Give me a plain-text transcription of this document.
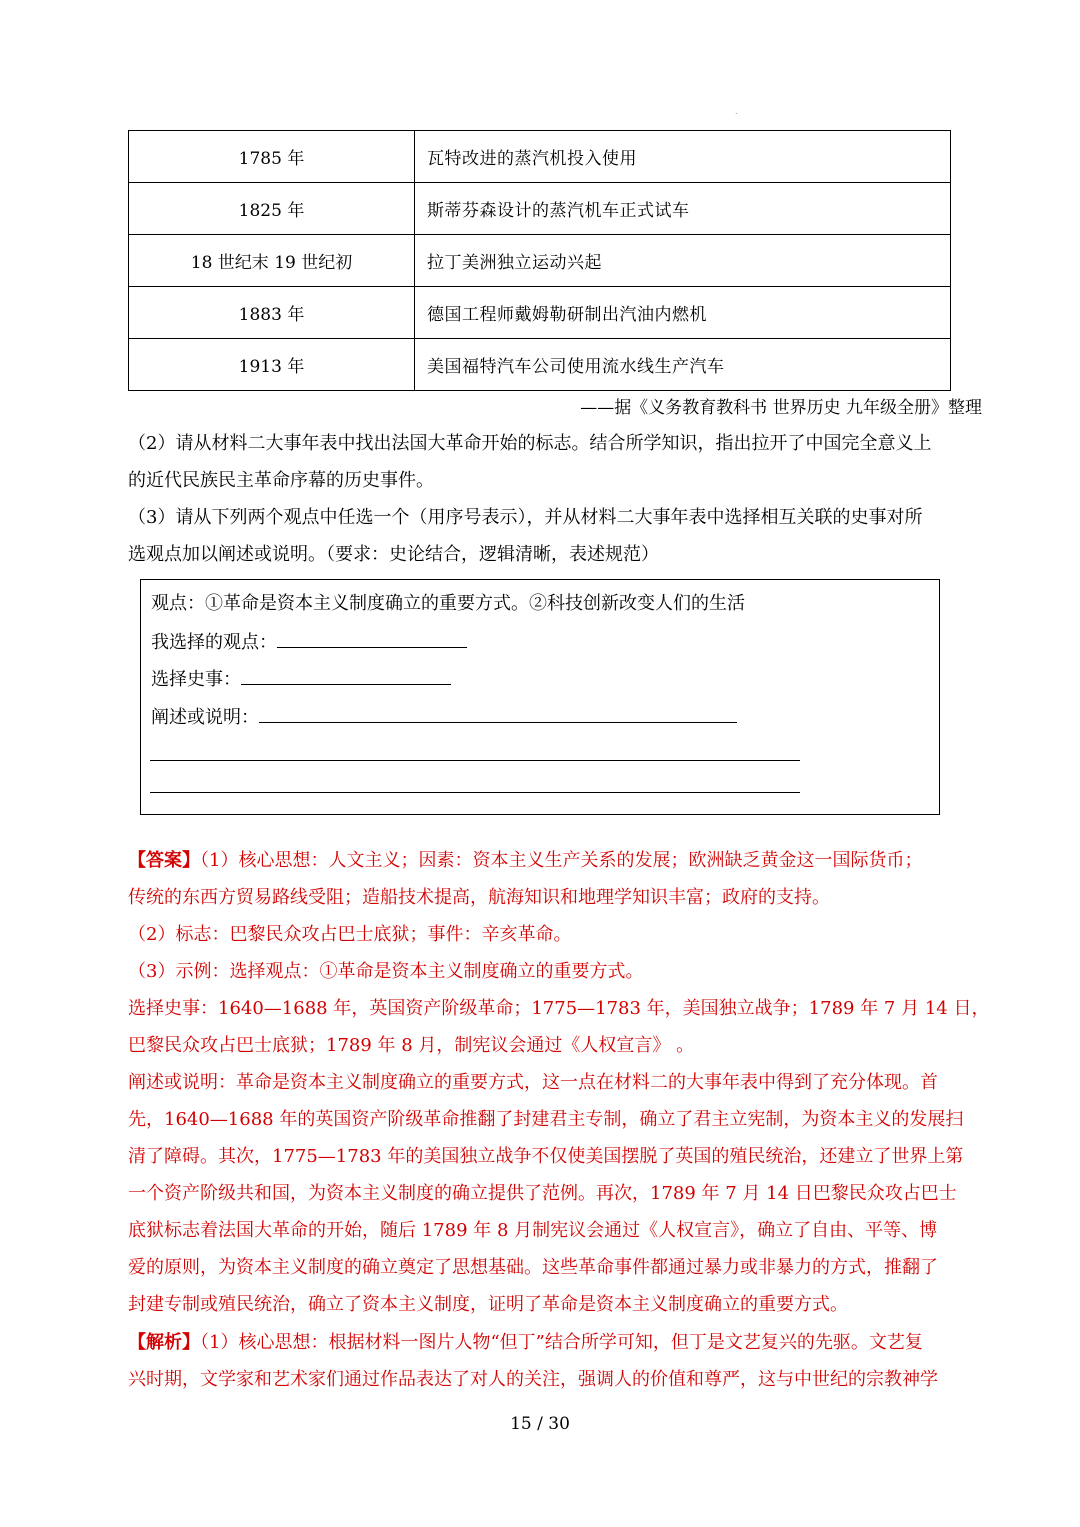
.
1785 年	瓦特改进的蒸汽机投入使用
1825 年	斯蒂芬森设计的蒸汽机车正式试车
18 世纪末 19 世纪初	拉丁美洲独立运动兴起
1883 年	德国工程师戴姆勒研制出汽油内燃机
1913 年	美国福特汽车公司使用流水线生产汽车
——据《义务教育教科书 世界历史 九年级全册》整理
（2）请从材料二大事年表中找出法国大革命开始的标志。结合所学知识，指出拉开了中国完全意义上
的近代民族民主革命序幕的历史事件。
（3）请从下列两个观点中任选一个（用序号表示），并从材料二大事年表中选择相互关联的史事对所
选观点加以阐述或说明。（要求：史论结合，逻辑清晰，表述规范）
观点：①革命是资本主义制度确立的重要方式。②科技创新改变人们的生活
我选择的观点：
选择史事：
阐述或说明：
【答案】（1）核心思想：人文主义；因素：资本主义生产关系的发展；欧洲缺乏黄金这一国际货币；
传统的东西方贸易路线受阻；造船技术提高，航海知识和地理学知识丰富；政府的支持。
（2）标志：巴黎民众攻占巴士底狱；事件：辛亥革命。
（3）示例：选择观点：①革命是资本主义制度确立的重要方式。
选择史事：1640—1688 年，英国资产阶级革命；1775—1783 年，美国独立战争；1789 年 7 月 14 日，
巴黎民众攻占巴士底狱；1789 年 8 月，制宪议会通过《人权宣言》 。
阐述或说明：革命是资本主义制度确立的重要方式，这一点在材料二的大事年表中得到了充分体现。首
先，1640—1688 年的英国资产阶级革命推翻了封建君主专制，确立了君主立宪制，为资本主义的发展扫
清了障碍。其次，1775—1783 年的美国独立战争不仅使美国摆脱了英国的殖民统治，还建立了世界上第
一个资产阶级共和国，为资本主义制度的确立提供了范例。再次，1789 年 7 月 14 日巴黎民众攻占巴士
底狱标志着法国大革命的开始，随后 1789 年 8 月制宪议会通过《人权宣言》，确立了自由、平等、博
爱的原则，为资本主义制度的确立奠定了思想基础。这些革命事件都通过暴力或非暴力的方式，推翻了
封建专制或殖民统治，确立了资本主义制度，证明了革命是资本主义制度确立的重要方式。
【解析】（1）核心思想：根据材料一图片人物“但丁”结合所学可知，但丁是文艺复兴的先驱。文艺复
兴时期，文学家和艺术家们通过作品表达了对人的关注，强调人的价值和尊严，这与中世纪的宗教神学
15 / 30
